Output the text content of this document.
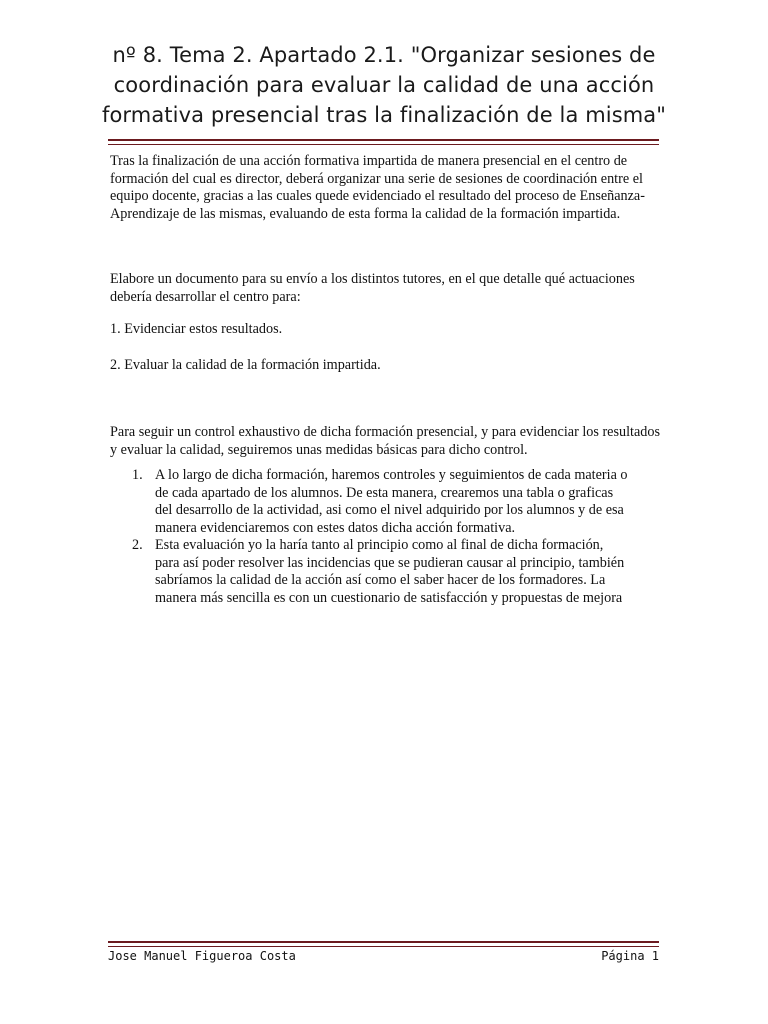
nº 8. Tema 2. Apartado 2.1. "Organizar sesiones de coordinación para evaluar la calidad de una acción formativa presencial tras la finalización de la misma"

Tras la finalización de una acción formativa impartida de manera presencial en el centro de formación del cual es director, deberá organizar una serie de sesiones de coordinación entre el equipo docente, gracias a las cuales quede evidenciado el resultado del proceso de Enseñanza-Aprendizaje de las mismas, evaluando de esta forma la calidad de la formación impartida.

Elabore un documento para su envío a los distintos tutores, en el que detalle qué actuaciones debería desarrollar el centro para:

1. Evidenciar estos resultados.

2. Evaluar la calidad de la formación impartida.

Para seguir un control exhaustivo de dicha formación presencial, y para evidenciar los resultados y evaluar la calidad, seguiremos unas medidas básicas para dicho control.

1. A lo largo de dicha formación, haremos controles y seguimientos de cada materia o de cada apartado de los alumnos. De esta manera, crearemos una tabla o graficas del desarrollo de la actividad, asi como el nivel adquirido por los alumnos y de esa manera evidenciaremos con estes datos dicha acción formativa.
2. Esta evaluación yo la haría tanto al principio como al final de dicha formación, para así poder resolver las incidencias que se pudieran causar al principio, también sabríamos la calidad de la acción así como el saber hacer de los formadores. La manera más sencilla es con un cuestionario de satisfacción y propuestas de mejora
Jose Manuel Figueroa Costa	Página 1
